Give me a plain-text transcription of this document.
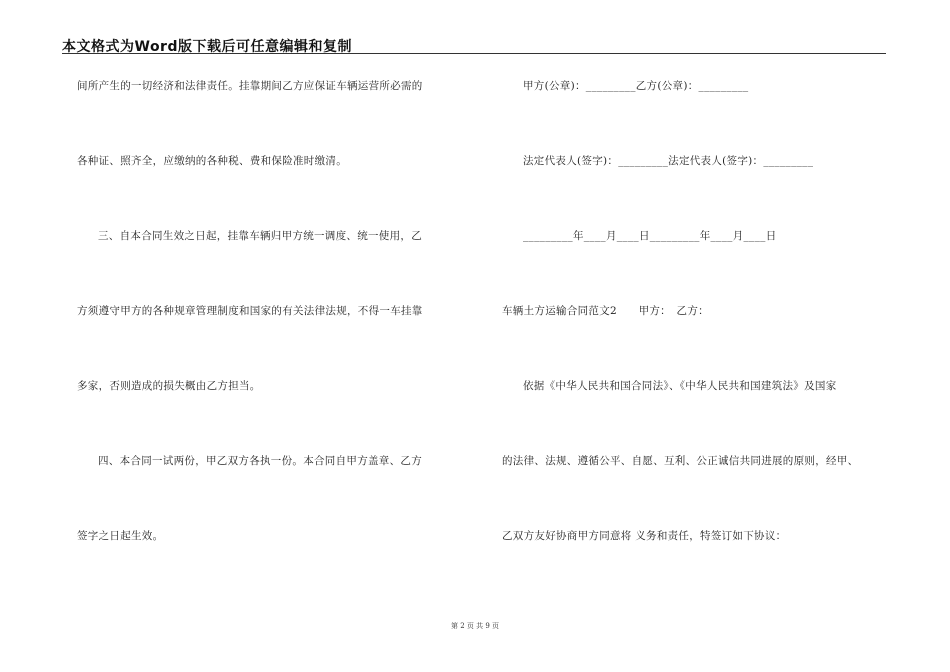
本文格式为Word版下载后可任意编辑和复制
间所产生的一切经济和法律责任。挂靠期间乙方应保证车辆运营所必需的
各种证、照齐全，应缴纳的各种税、费和保险准时缴清。
三、自本合同生效之日起，挂靠车辆归甲方统一调度、统一使用，乙
方须遵守甲方的各种规章管理制度和国家的有关法律法规，不得一车挂靠
多家，否则造成的损失概由乙方担当。
四、本合同一试两份，甲乙双方各执一份。本合同自甲方盖章、乙方
签字之日起生效。
甲方(公章)：_________乙方(公章)：_________
法定代表人(签字)：_________法定代表人(签字)：_________
_________年____月____日_________年____月____日
车辆土方运输合同范文2　　甲方：　乙方：
依据《中华人民共和国合同法》、《中华人民共和国建筑法》及国家
的法律、法规、遵循公平、自愿、互利、公正诚信共同进展的原则，经甲、
乙双方友好协商甲方同意将 义务和责任，特签订如下协议：
第 2 页 共 9 页
